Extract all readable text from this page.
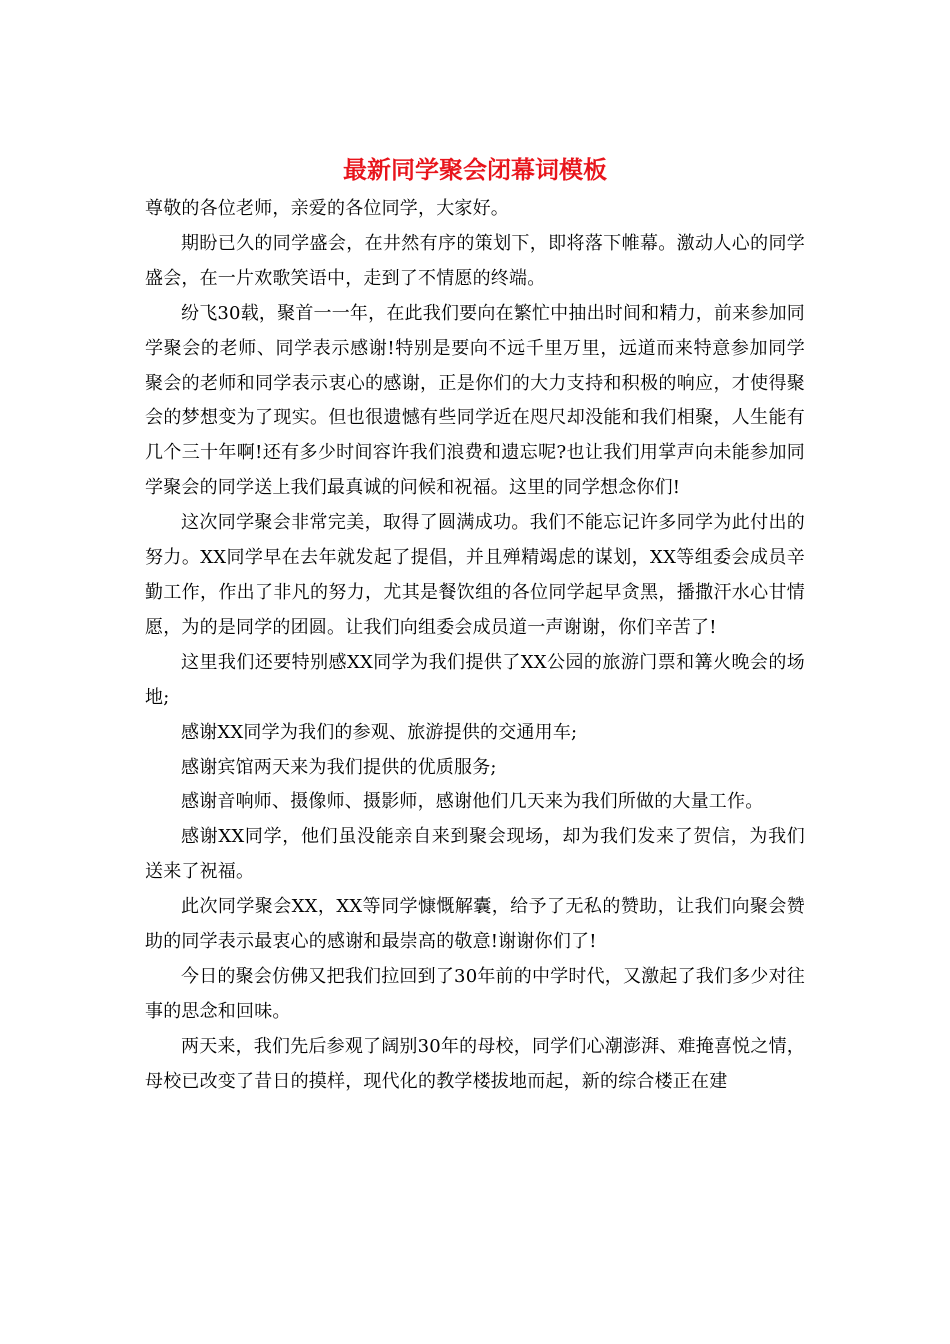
最新同学聚会闭幕词模板

尊敬的各位老师，亲爱的各位同学，大家好。

期盼已久的同学盛会，在井然有序的策划下，即将落下帷幕。激动人心的同学盛会，在一片欢歌笑语中，走到了不情愿的终端。

纷飞30载，聚首一一年，在此我们要向在繁忙中抽出时间和精力，前来参加同学聚会的老师、同学表示感谢!特别是要向不远千里万里，远道而来特意参加同学聚会的老师和同学表示衷心的感谢，正是你们的大力支持和积极的响应，才使得聚会的梦想变为了现实。但也很遗憾有些同学近在咫尺却没能和我们相聚，人生能有几个三十年啊!还有多少时间容许我们浪费和遗忘呢?也让我们用掌声向未能参加同学聚会的同学送上我们最真诚的问候和祝福。这里的同学想念你们!

这次同学聚会非常完美，取得了圆满成功。我们不能忘记许多同学为此付出的努力。XX同学早在去年就发起了提倡，并且殚精竭虑的谋划，XX等组委会成员辛勤工作，作出了非凡的努力，尤其是餐饮组的各位同学起早贪黑，播撒汗水心甘情愿，为的是同学的团圆。让我们向组委会成员道一声谢谢，你们辛苦了!

这里我们还要特别感XX同学为我们提供了XX公园的旅游门票和篝火晚会的场地;

感谢XX同学为我们的参观、旅游提供的交通用车;

感谢宾馆两天来为我们提供的优质服务;

感谢音响师、摄像师、摄影师，感谢他们几天来为我们所做的大量工作。

感谢XX同学，他们虽没能亲自来到聚会现场，却为我们发来了贺信，为我们送来了祝福。

此次同学聚会XX，XX等同学慷慨解囊，给予了无私的赞助，让我们向聚会赞助的同学表示最衷心的感谢和最崇高的敬意!谢谢你们了!

今日的聚会仿佛又把我们拉回到了30年前的中学时代，又激起了我们多少对往事的思念和回味。

两天来，我们先后参观了阔别30年的母校，同学们心潮澎湃、难掩喜悦之情，母校已改变了昔日的摸样，现代化的教学楼拔地而起，新的综合楼正在建
